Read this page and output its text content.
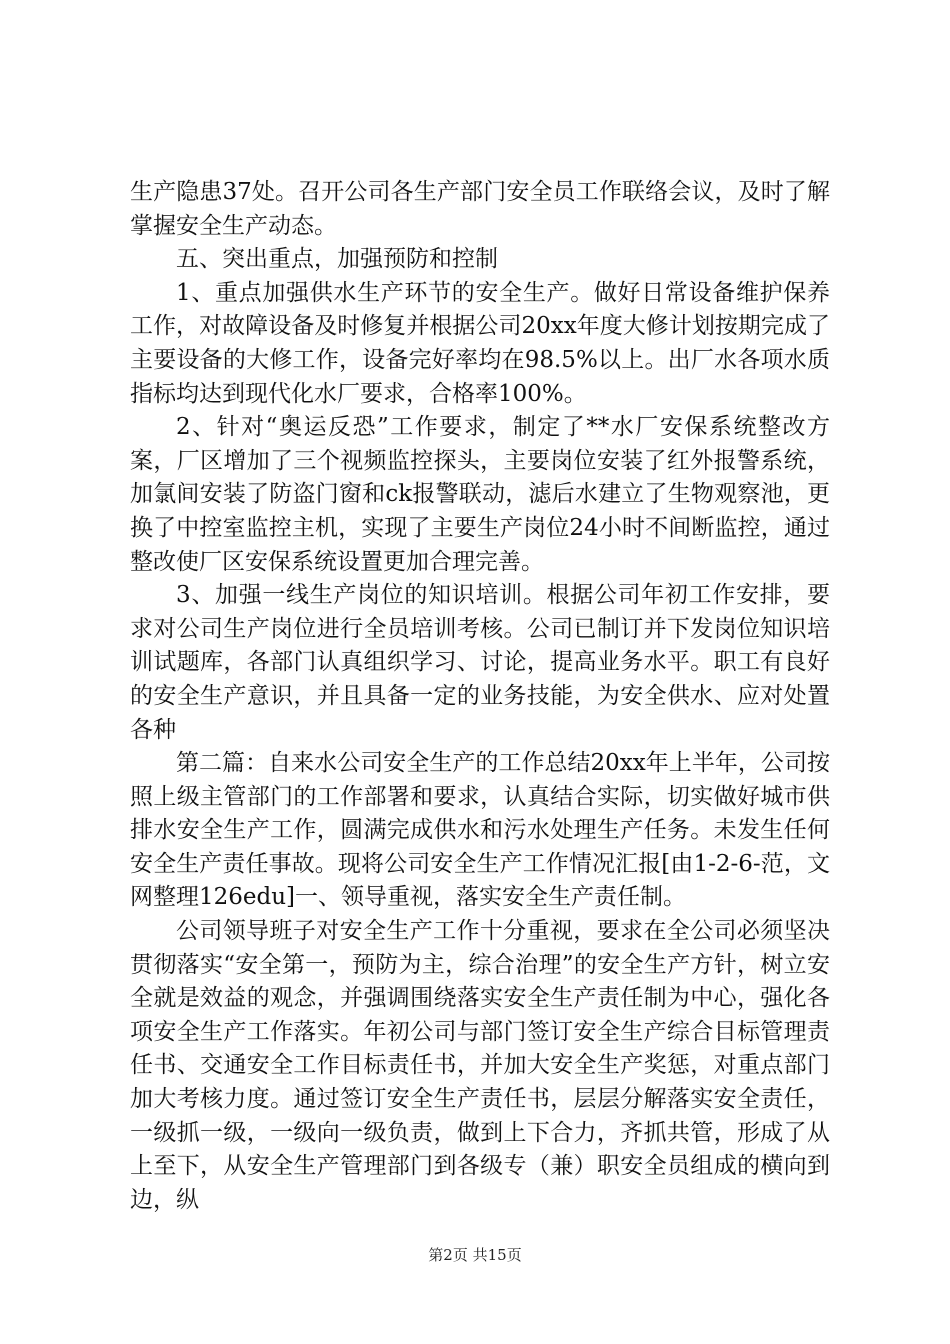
生产隐患37处。召开公司各生产部门安全员工作联络会议，及时了解掌握安全生产动态。

五、突出重点，加强预防和控制

1、重点加强供水生产环节的安全生产。做好日常设备维护保养工作，对故障设备及时修复并根据公司20xx年度大修计划按期完成了主要设备的大修工作，设备完好率均在98.5%以上。出厂水各项水质指标均达到现代化水厂要求，合格率100%。

2、针对“奥运反恐”工作要求，制定了**水厂安保系统整改方案，厂区增加了三个视频监控探头，主要岗位安装了红外报警系统，加氯间安装了防盗门窗和ck报警联动，滤后水建立了生物观察池，更换了中控室监控主机，实现了主要生产岗位24小时不间断监控，通过整改使厂区安保系统设置更加合理完善。

3、加强一线生产岗位的知识培训。根据公司年初工作安排，要求对公司生产岗位进行全员培训考核。公司已制订并下发岗位知识培训试题库，各部门认真组织学习、讨论，提高业务水平。职工有良好的安全生产意识，并且具备一定的业务技能，为安全供水、应对处置各种

第二篇：自来水公司安全生产的工作总结20xx年上半年，公司按照上级主管部门的工作部署和要求，认真结合实际，切实做好城市供排水安全生产工作，圆满完成供水和污水处理生产任务。未发生任何安全生产责任事故。现将公司安全生产工作情况汇报[由1-2-6-范，文网整理126edu]一、领导重视，落实安全生产责任制。

公司领导班子对安全生产工作十分重视，要求在全公司必须坚决贯彻落实“安全第一，预防为主，综合治理”的安全生产方针，树立安全就是效益的观念，并强调围绕落实安全生产责任制为中心，强化各项安全生产工作落实。年初公司与部门签订安全生产综合目标管理责任书、交通安全工作目标责任书，并加大安全生产奖惩，对重点部门加大考核力度。通过签订安全生产责任书，层层分解落实安全责任，一级抓一级，一级向一级负责，做到上下合力，齐抓共管，形成了从上至下，从安全生产管理部门到各级专（兼）职安全员组成的横向到边，纵

第2页 共15页
